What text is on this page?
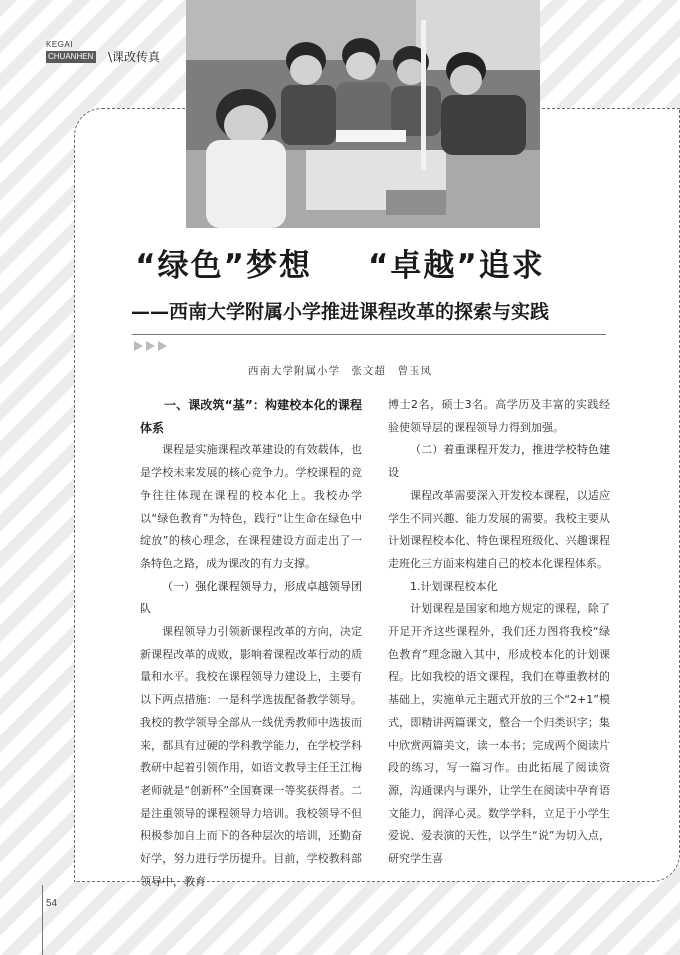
KEGAI
CHUANHEN \课改传真
“绿色”梦想 “卓越”追求
——西南大学附属小学推进课程改革的探索与实践
西南大学附属小学　张文超　曾玉凤

一、课改筑“基”：构建校本化的课程体系

课程是实施课程改革建设的有效载体，也是学校未来发展的核心竞争力。学校课程的竞争往往体现在课程的校本化上。我校办学以“绿色教育”为特色，践行“让生命在绿色中绽放”的核心理念，在课程建设方面走出了一条特色之路，成为课改的有力支撑。

（一）强化课程领导力，形成卓越领导团队

课程领导力引领新课程改革的方向，决定新课程改革的成败，影响着课程改革行动的质量和水平。我校在课程领导力建设上，主要有以下两点措施：一是科学选拔配备教学领导。我校的教学领导全部从一线优秀教师中选拔而来，都具有过硬的学科教学能力，在学校学科教研中起着引领作用，如语文教导主任王江梅老师就是“创新杯”全国赛课一等奖获得者。二是注重领导的课程领导力培训。我校领导不但积极参加自上而下的各种层次的培训，还勤奋好学，努力进行学历提升。目前，学校教科部领导中，教育

博士2名，硕士3名。高学历及丰富的实践经验使领导层的课程领导力得到加强。

（二）着重课程开发力，推进学校特色建设

课程改革需要深入开发校本课程，以适应学生不同兴趣、能力发展的需要。我校主要从计划课程校本化、特色课程班级化、兴趣课程走班化三方面来构建自己的校本化课程体系。

1.计划课程校本化

计划课程是国家和地方规定的课程，除了开足开齐这些课程外，我们还力图将我校“绿色教育”理念融入其中，形成校本化的计划课程。比如我校的语文课程，我们在尊重教材的基础上，实施单元主题式开放的三个“2+1”模式，即精讲两篇课文，整合一个归类识字；集中欣赏两篇美文，读一本书；完成两个阅读片段的练习，写一篇习作。由此拓展了阅读资源，沟通课内与课外，让学生在阅读中孕育语文能力，润泽心灵。数学学科，立足于小学生爱说、爱表演的天性，以学生“说”为切入点，研究学生喜

54
